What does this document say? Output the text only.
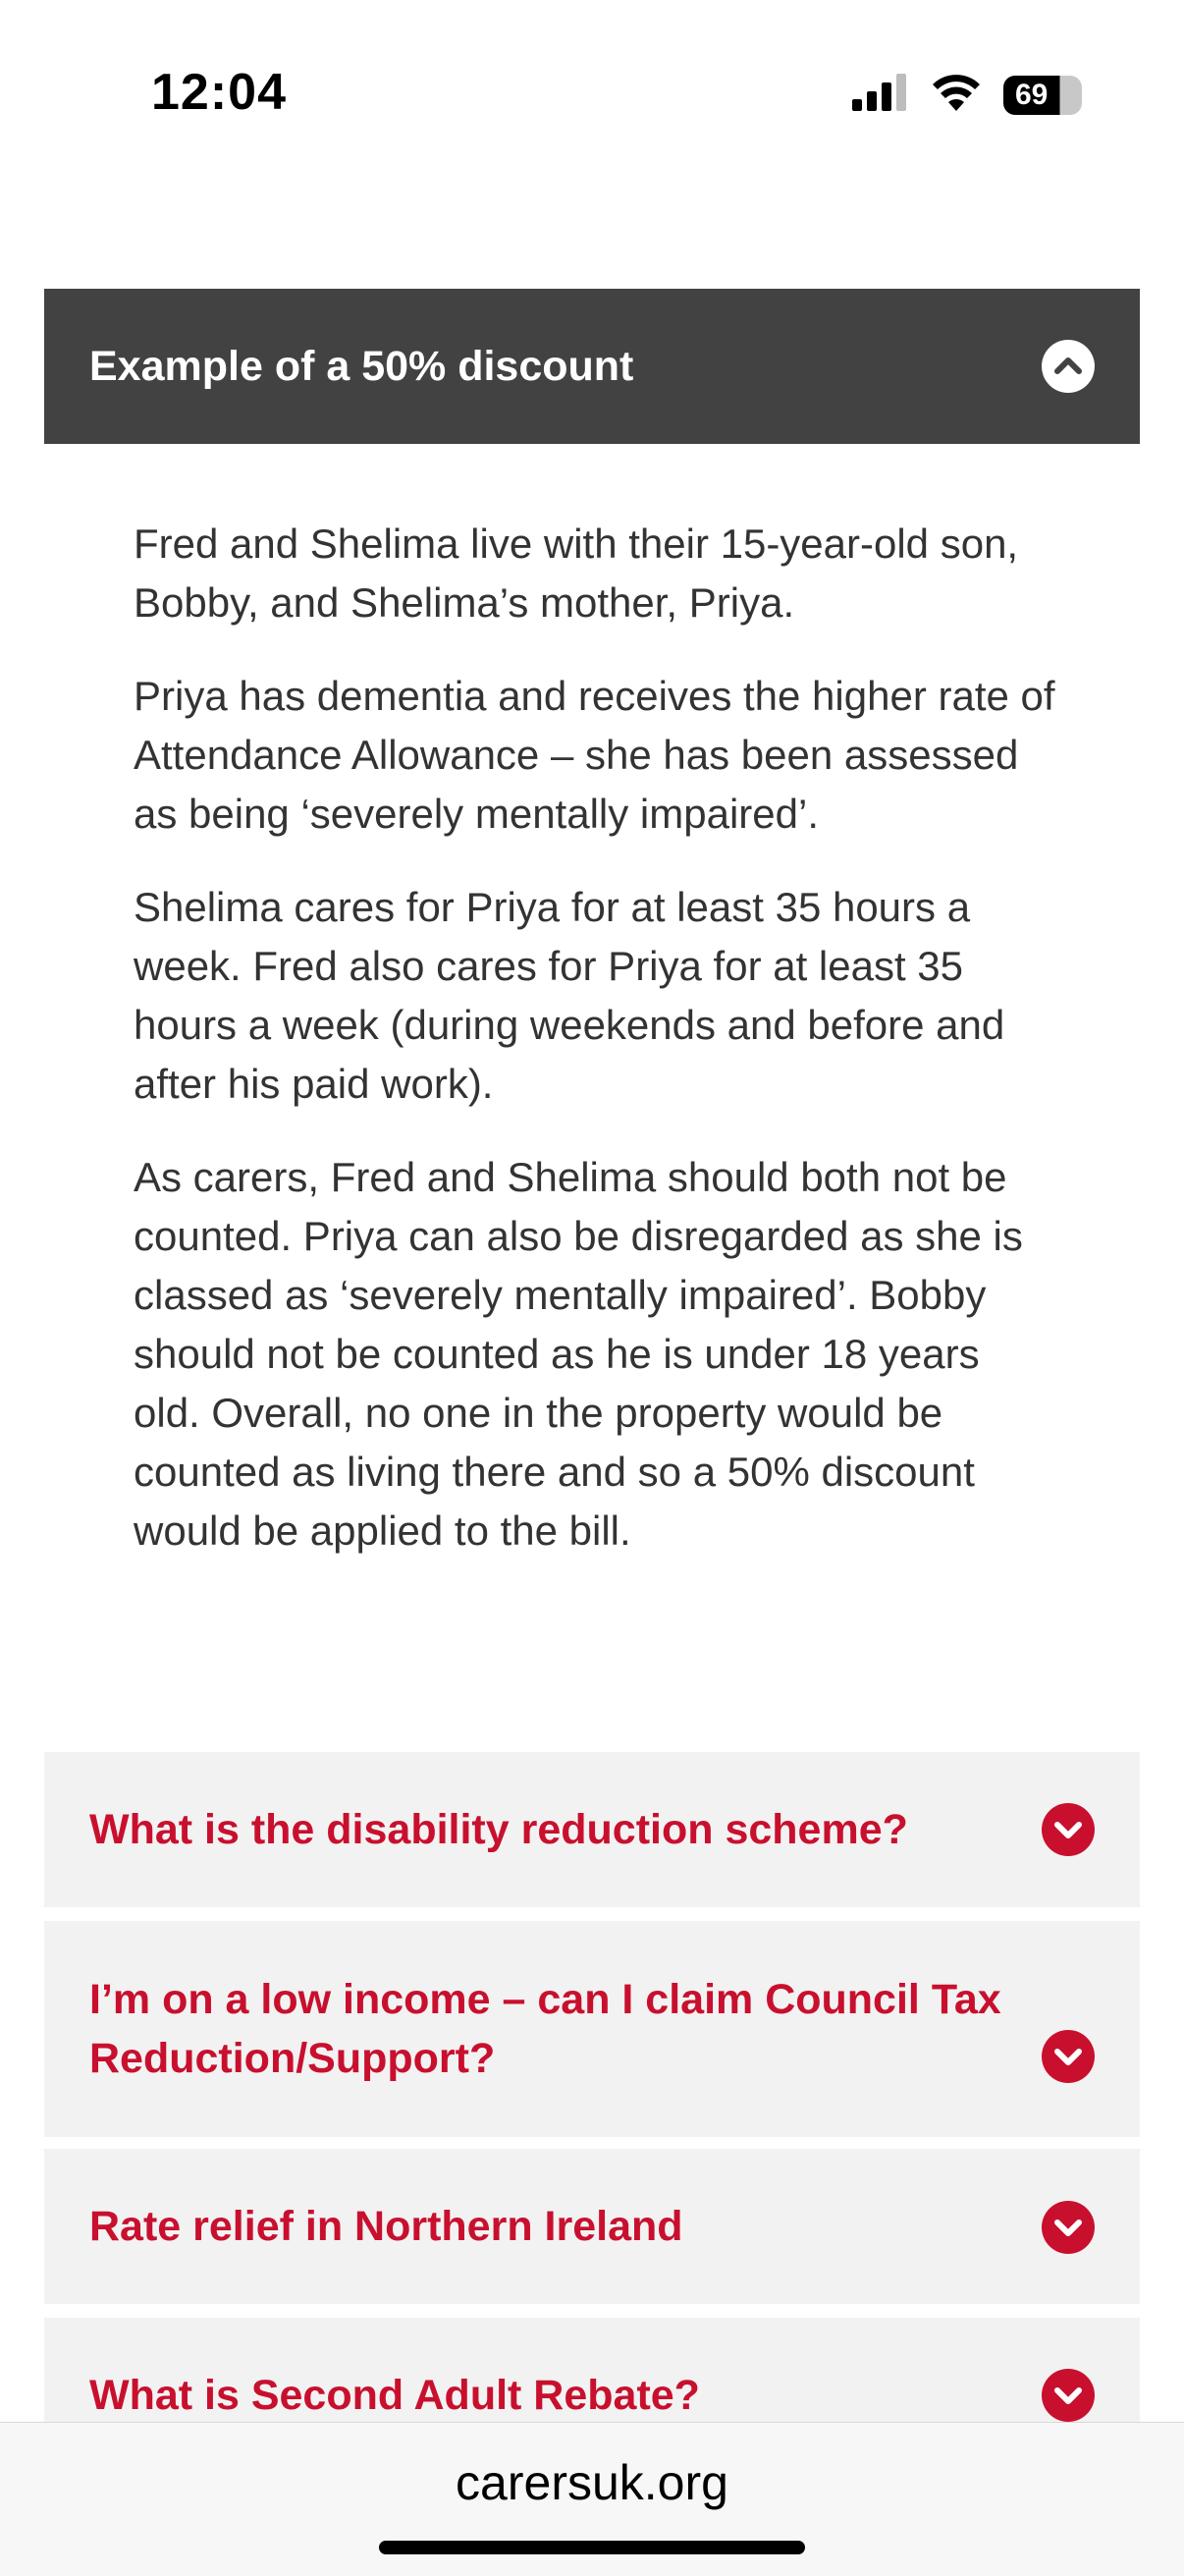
12:04	69
Example of a 50% discount

Fred and Shelima live with their 15-year-old son, Bobby, and Shelima’s mother, Priya.

Priya has dementia and receives the higher rate of Attendance Allowance – she has been assessed as being ‘severely mentally impaired’.

Shelima cares for Priya for at least 35 hours a week. Fred also cares for Priya for at least 35 hours a week (during weekends and before and after his paid work).

As carers, Fred and Shelima should both not be counted. Priya can also be disregarded as she is classed as ‘severely mentally impaired’. Bobby should not be counted as he is under 18 years old. Overall, no one in the property would be counted as living there and so a 50% discount would be applied to the bill.

What is the disability reduction scheme?
I’m on a low income – can I claim Council Tax Reduction/Support?
Rate relief in Northern Ireland
What is Second Adult Rebate?
carersuk.org
